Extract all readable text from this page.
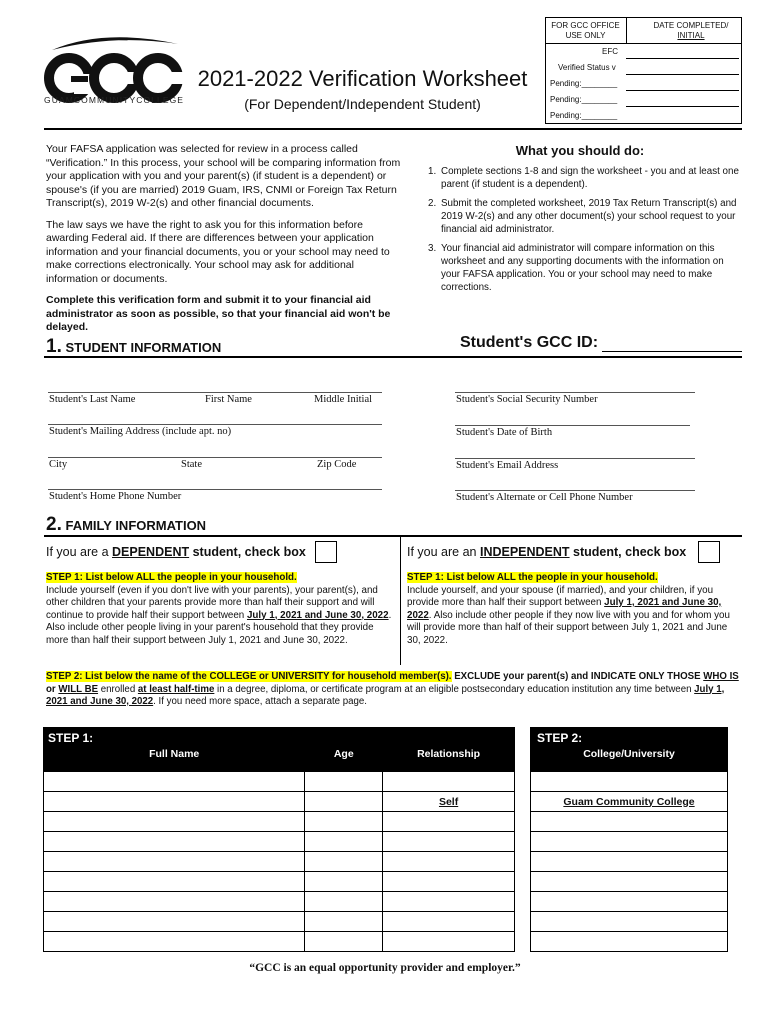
GUAMCOMMUNITYCOLLEGE
2021-2022 Verification Worksheet
(For Dependent/Independent Student)
FOR GCC OFFICE USE ONLY
DATE COMPLETED/
INITIAL
EFC
Verified Status v
Pending:________
Pending:________
Pending:________

Your FAFSA application was selected for review in a process called “Verification.” In this process, your school will be comparing information from your application with you and your parent(s) (if student is a dependent) or spouse's (if you are married) 2019 Guam, IRS, CNMI or Foreign Tax Return Transcript(s), 2019 W-2(s) and other financial documents.

The law says we have the right to ask you for this information before awarding Federal aid. If there are differences between your application information and your financial documents, you or your school may need to make corrections electronically. Your school may ask for additional information or documents.

Complete this verification form and submit it to your financial aid administrator as soon as possible, so that your financial aid won't be delayed.

What you should do:
1. Complete sections 1-8 and sign the worksheet - you and at least one parent (if student is a dependent).
2. Submit the completed worksheet, 2019 Tax Return Transcript(s) and 2019 W-2(s) and any other document(s) your school request to your financial aid administrator.
3. Your financial aid administrator will compare information on this worksheet and any supporting documents with the information on your FAFSA application. You or your school may need to make corrections.
1. STUDENT INFORMATION	Student's GCC ID:
Student's Last Name	First Name	Middle Initial
Student's Mailing Address (include apt. no)
City	State	Zip Code
Student's Home Phone Number
Student's Social Security Number
Student's Date of Birth
Student's Email Address
Student's Alternate or Cell Phone Number
2. FAMILY INFORMATION
If you are a DEPENDENT student, check box	If you are an INDEPENDENT student, check box
STEP 1: List below ALL the people in your household.
Include yourself (even if you don't live with your parents), your parent(s), and other children that your parents provide more than half their support and will continue to provide half their support between July 1, 2021 and June 30, 2022. Also include other people living in your parent's household that they provide more than half their support between July 1, 2021 and June 30, 2022.
STEP 1: List below ALL the people in your household.
Include yourself, and your spouse (if married), and your children, if you provide more than half their support between July 1, 2021 and June 30, 2022. Also include other people if they now live with you and for whom you will provide more than half of their support between July 1, 2021 and June 30, 2022.
STEP 2: List below the name of the COLLEGE or UNIVERSITY for household member(s). EXCLUDE your parent(s) and INDICATE ONLY THOSE WHO IS or WILL BE enrolled at least half-time in a degree, diploma, or certificate program at an eligible postsecondary education institution any time between July 1, 2021 and June 30, 2022. If you need more space, attach a separate page.
STEP 1:
Full Name	Age	Relationship

		Self

STEP 2:
College/University

Guam Community College

“GCC is an equal opportunity provider and employer.”
